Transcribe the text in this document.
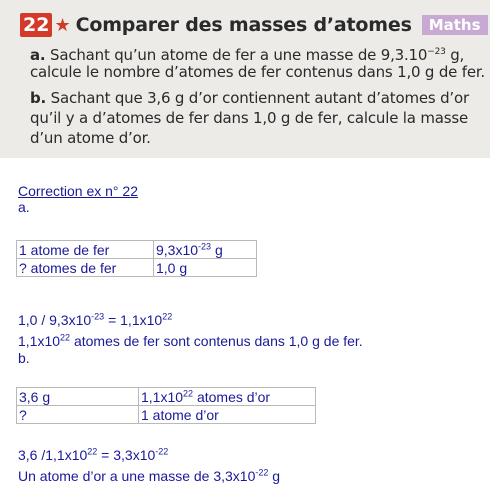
22 ★ Comparer des masses d’atomes	Maths
a. Sachant qu’un atome de fer a une masse de $9,3.10^{-23}$ g,
calcule le nombre d’atomes de fer contenus dans 1,0 g de fer.
b. Sachant que 3,6 g d’or contiennent autant d’atomes d’or
qu’il y a d’atomes de fer dans 1,0 g de fer, calcule la masse
d’un atome d’or.
Correction ex n° 22
a.
1 atome de fer	$9,3x10^{-23}$ g
? atomes de fer	1,0 g
$1,0 / 9,3x10^{-23} = 1,1x10^{22}$
$1,1x10^{22}$ atomes de fer sont contenus dans 1,0 g de fer.
b.
3,6 g	$1,1x10^{22}$ atomes d’or
?	1 atome d’or
3,6 $/1,1x10^{22} = 3,3x10^{-22}$
Un atome d’or a une masse de $3,3x10^{-22}$ g
